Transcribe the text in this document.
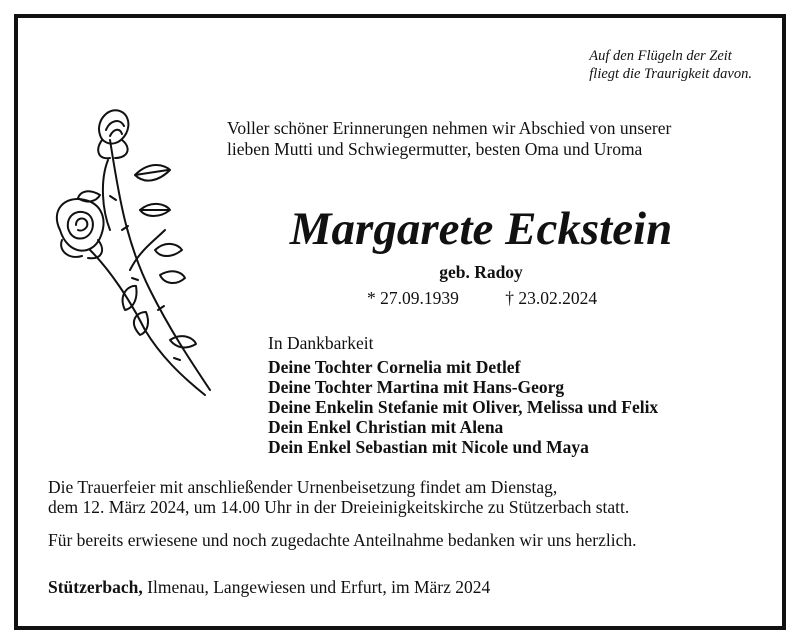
Auf den Flügeln der Zeit
fliegt die Traurigkeit davon.
Voller schöner Erinnerungen nehmen wir Abschied von unserer
lieben Mutti und Schwiegermutter, besten Oma und Uroma
Margarete Eckstein
geb. Radoy
* 27.09.1939	† 23.02.2024
In Dankbarkeit
Deine Tochter Cornelia mit Detlef
Deine Tochter Martina mit Hans-Georg
Deine Enkelin Stefanie mit Oliver, Melissa und Felix
Dein Enkel Christian mit Alena
Dein Enkel Sebastian mit Nicole und Maya
Die Trauerfeier mit anschließender Urnenbeisetzung findet am Dienstag,
dem 12. März 2024, um 14.00 Uhr in der Dreieinigkeitskirche zu Stützerbach statt.
Für bereits erwiesene und noch zugedachte Anteilnahme bedanken wir uns herzlich.
Stützerbach, Ilmenau, Langewiesen und Erfurt, im März 2024
